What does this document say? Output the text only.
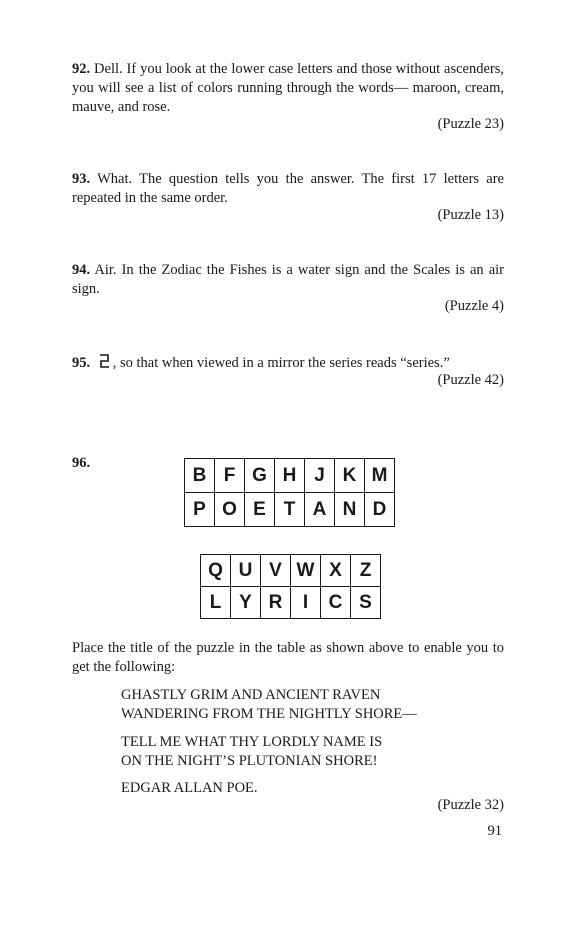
92. Dell. If you look at the lower case letters and those without ascenders, you will see a list of colors running through the words— maroon, cream, mauve, and rose.

(Puzzle 23)

93. What. The question tells you the answer. The first 17 letters are repeated in the same order.

(Puzzle 13)

94. Air. In the Zodiac the Fishes is a water sign and the Scales is an air sign.

(Puzzle 4)

95. , so that when viewed in a mirror the series reads “series.”

(Puzzle 42)
96.
B	F	G	H	J	K	M
P	O	E	T	A	N	D
Q	U	V	W	X	Z
L	Y	R	I	C	S

Place the title of the puzzle in the table as shown above to enable you to get the following:

GHASTLY GRIM AND ANCIENT RAVEN
WANDERING FROM THE NIGHTLY SHORE—
TELL ME WHAT THY LORDLY NAME IS
ON THE NIGHT’S PLUTONIAN SHORE!
EDGAR ALLAN POE.
(Puzzle 32)
91
